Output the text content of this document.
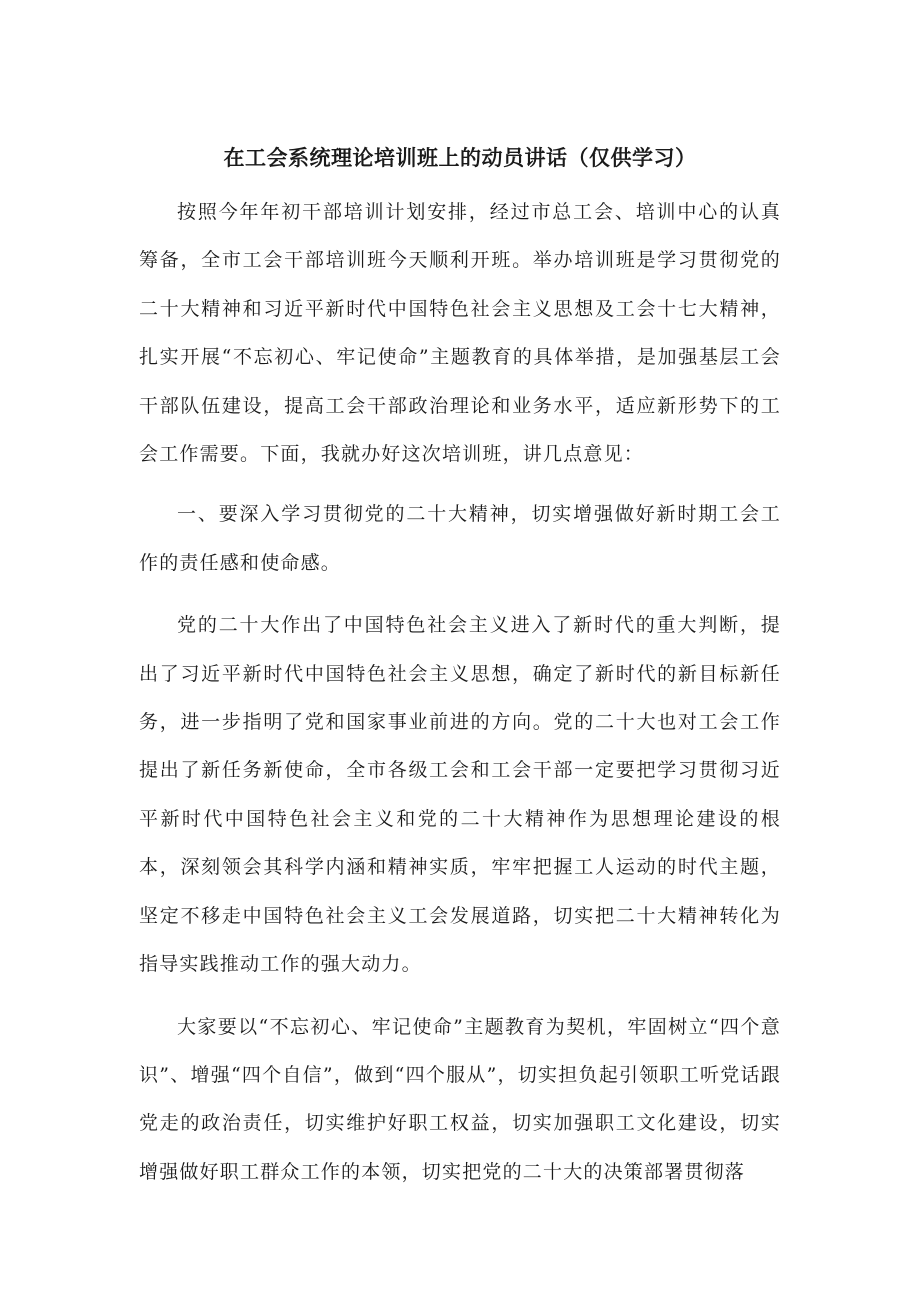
在工会系统理论培训班上的动员讲话（仅供学习）

按照今年年初干部培训计划安排，经过市总工会、培训中心的认真筹备，全市工会干部培训班今天顺利开班。举办培训班是学习贯彻党的二十大精神和习近平新时代中国特色社会主义思想及工会十七大精神，扎实开展“不忘初心、牢记使命”主题教育的具体举措，是加强基层工会干部队伍建设，提高工会干部政治理论和业务水平，适应新形势下的工会工作需要。下面，我就办好这次培训班，讲几点意见：

一、要深入学习贯彻党的二十大精神，切实增强做好新时期工会工作的责任感和使命感。

党的二十大作出了中国特色社会主义进入了新时代的重大判断，提出了习近平新时代中国特色社会主义思想，确定了新时代的新目标新任务，进一步指明了党和国家事业前进的方向。党的二十大也对工会工作提出了新任务新使命，全市各级工会和工会干部一定要把学习贯彻习近平新时代中国特色社会主义和党的二十大精神作为思想理论建设的根本，深刻领会其科学内涵和精神实质，牢牢把握工人运动的时代主题，坚定不移走中国特色社会主义工会发展道路，切实把二十大精神转化为指导实践推动工作的强大动力。

大家要以“不忘初心、牢记使命”主题教育为契机，牢固树立“四个意识”、增强“四个自信”，做到“四个服从”，切实担负起引领职工听党话跟党走的政治责任，切实维护好职工权益，切实加强职工文化建设，切实增强做好职工群众工作的本领，切实把党的二十大的决策部署贯彻落
